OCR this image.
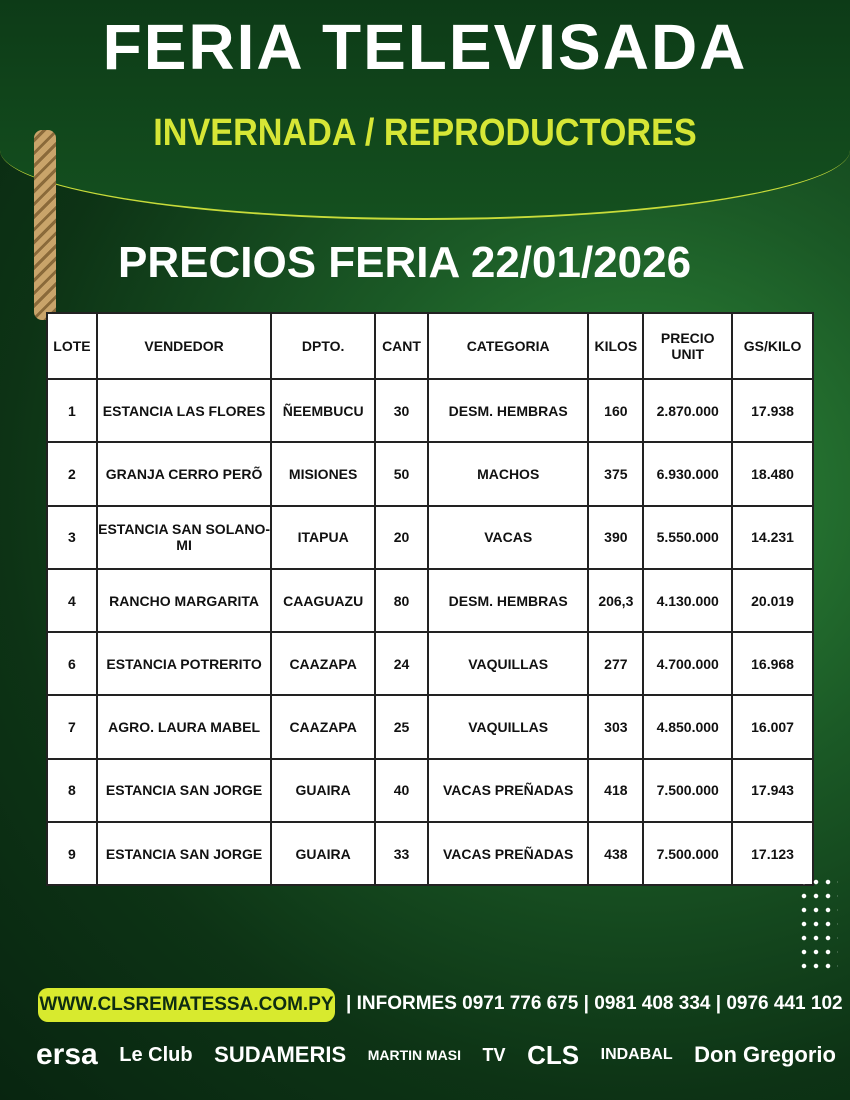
FERIA TELEVISADA
INVERNADA / REPRODUCTORES
PRECIOS FERIA 22/01/2026
LOTE	VENDEDOR	DPTO.	CANT	CATEGORIA	KILOS	PRECIO UNIT	GS/KILO
1	ESTANCIA LAS FLORES	ÑEEMBUCU	30	DESM. HEMBRAS	160	2.870.000	17.938
2	GRANJA CERRO PERÕ	MISIONES	50	MACHOS	375	6.930.000	18.480
3	ESTANCIA SAN SOLANO-MI	ITAPUA	20	VACAS	390	5.550.000	14.231
4	RANCHO MARGARITA	CAAGUAZU	80	DESM. HEMBRAS	206,3	4.130.000	20.019
6	ESTANCIA POTRERITO	CAAZAPA	24	VAQUILLAS	277	4.700.000	16.968
7	AGRO. LAURA MABEL	CAAZAPA	25	VAQUILLAS	303	4.850.000	16.007
8	ESTANCIA SAN JORGE	GUAIRA	40	VACAS PREÑADAS	418	7.500.000	17.943
9	ESTANCIA SAN JORGE	GUAIRA	33	VACAS PREÑADAS	438	7.500.000	17.123
WWW.CLSREMATESSA.COM.PY | INFORMES 0971 776 675 | 0981 408 334 | 0976 441 102
ersa Le Club SUDAMERIS MARTIN MASI TV CLS INDABAL Don Gregorio
